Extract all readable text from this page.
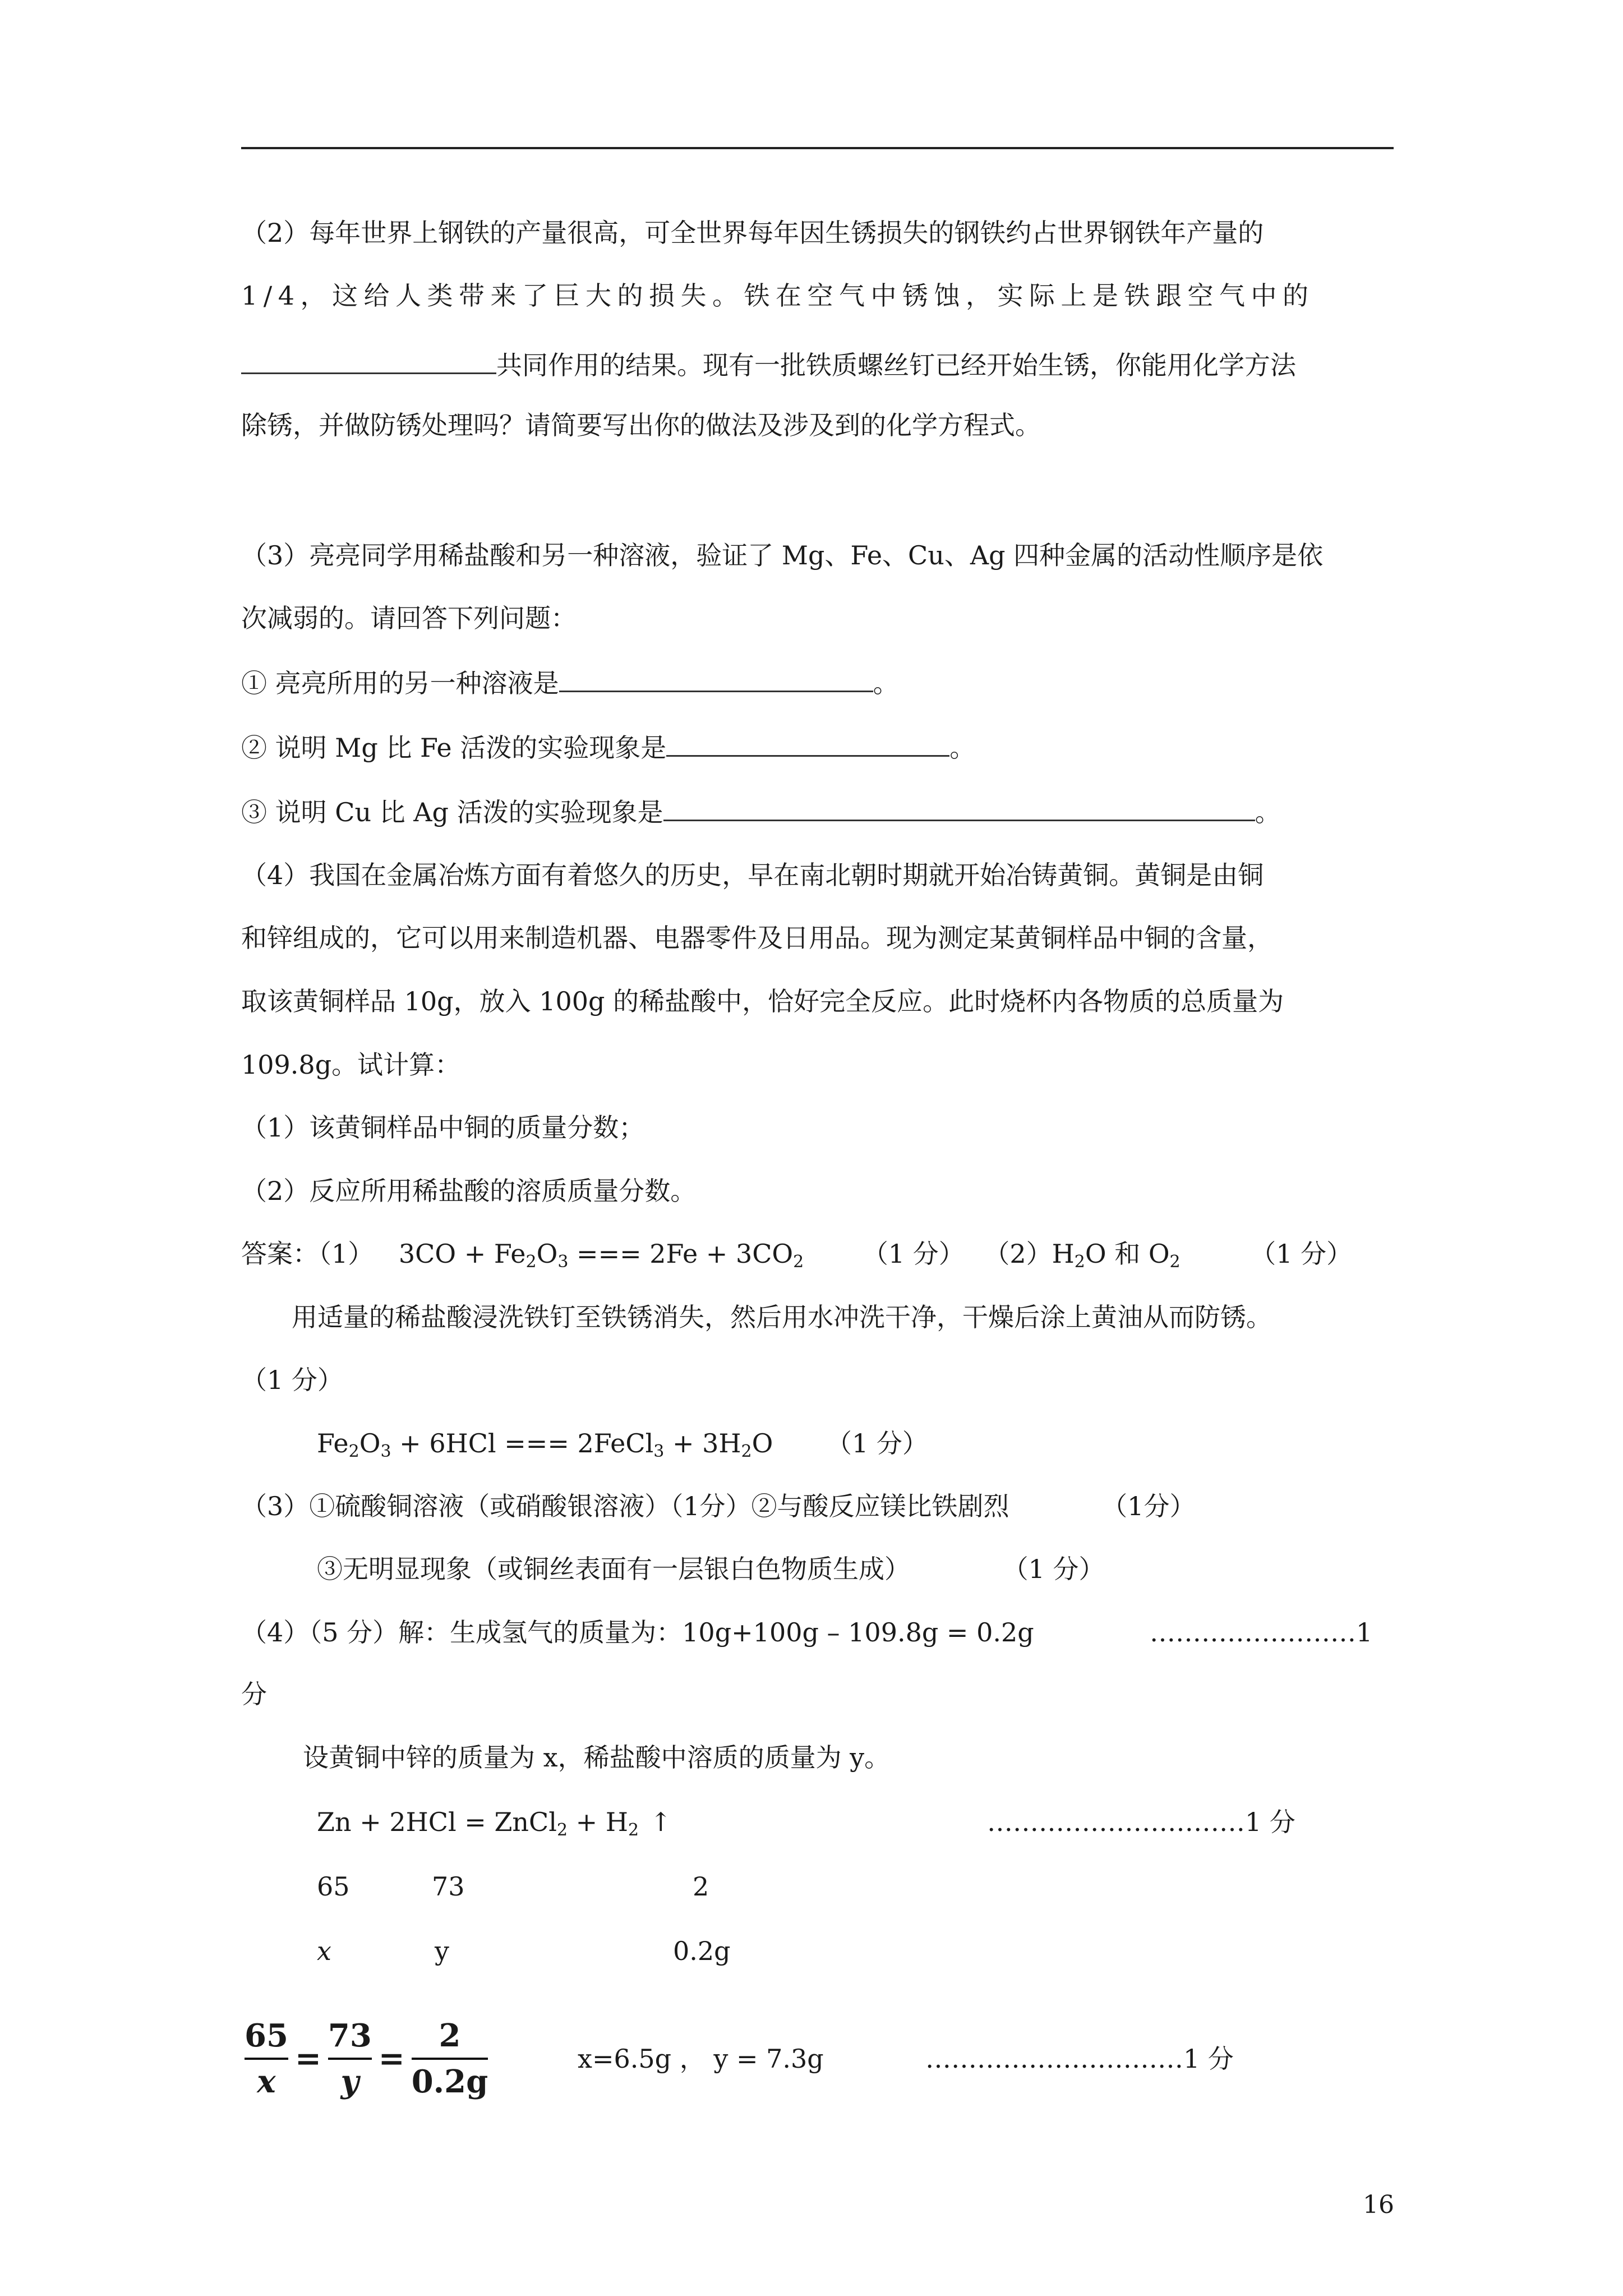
（2）每年世界上钢铁的产量很高，可全世界每年因生锈损失的钢铁约占世界钢铁年产量的
1/4，这给人类带来了巨大的损失。铁在空气中锈蚀，实际上是铁跟空气中的
共同作用的结果。现有一批铁质螺丝钉已经开始生锈，你能用化学方法
除锈，并做防锈处理吗？请简要写出你的做法及涉及到的化学方程式。
（3）亮亮同学用稀盐酸和另一种溶液，验证了 Mg、Fe、Cu、Ag 四种金属的活动性顺序是依
次减弱的。请回答下列问题：
① 亮亮所用的另一种溶液是	。
② 说明 Mg 比 Fe 活泼的实验现象是	。
③ 说明 Cu 比 Ag 活泼的实验现象是	。
（4）我国在金属冶炼方面有着悠久的历史，早在南北朝时期就开始冶铸黄铜。黄铜是由铜
和锌组成的，它可以用来制造机器、电器零件及日用品。现为测定某黄铜样品中铜的含量，
取该黄铜样品 10g，放入 100g 的稀盐酸中，恰好完全反应。此时烧杯内各物质的总质量为
109.8g。试计算：
（1）该黄铜样品中铜的质量分数；
（2）反应所用稀盐酸的溶质质量分数。
答案：（1） $3CO + Fe_2O_3$ === $2Fe + 3CO_2$ （1 分） $(2)H_2O$ 和 $O_2$	（1 分）
用适量的稀盐酸浸洗铁钉至铁锈消失，然后用水冲洗干净，干燥后涂上黄油从而防锈。
（1 分）
$Fe_2O_3 + 6HCl$ === 2FeCl$_3$ + $3H_2O$ （1 分）
（3）①硫酸铜溶液（或硝酸银溶液）（1分）②与酸反应镁比铁剧烈	（1分）
③无明显现象（或铜丝表面有一层银白色物质生成）	（1 分）
（4）（5 分）解：生成氢气的质量为：10g+100g – 109.8g = 0.2g	……………………1
分
设黄铜中锌的质量为 x，稀盐酸中溶质的质量为 y。
Zn + 2HCl = ZnCl$_2$ + $H_2$ ↑	…………………………1 分
65	73	2
x	y	0.2g
65
x
=
73
y
=
2
0.2g
x=6.5g ， y = 7.3g	…………………………1 分
16
